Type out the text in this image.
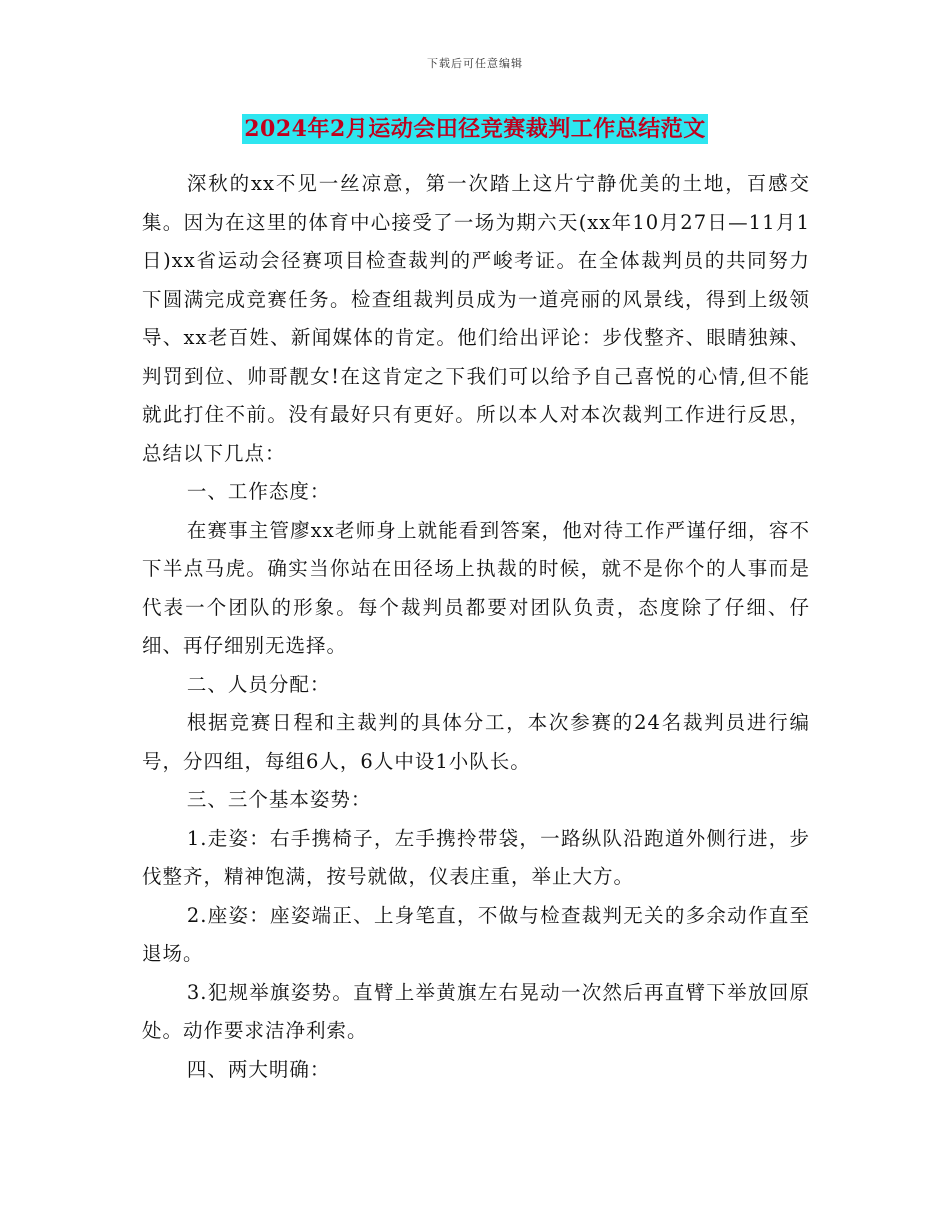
下载后可任意编辑
2024年2月运动会田径竞赛裁判工作总结范文

深秋的xx不见一丝凉意，第一次踏上这片宁静优美的土地，百感交集。因为在这里的体育中心接受了一场为期六天(xx年10月27日—11月1日)xx省运动会径赛项目检查裁判的严峻考证。在全体裁判员的共同努力下圆满完成竞赛任务。检查组裁判员成为一道亮丽的风景线，得到上级领导、xx老百姓、新闻媒体的肯定。他们给出评论：步伐整齐、眼睛独辣、判罚到位、帅哥靓女!在这肯定之下我们可以给予自己喜悦的心情,但不能就此打住不前。没有最好只有更好。所以本人对本次裁判工作进行反思，总结以下几点：

一、工作态度：

在赛事主管廖xx老师身上就能看到答案，他对待工作严谨仔细，容不下半点马虎。确实当你站在田径场上执裁的时候，就不是你个的人事而是代表一个团队的形象。每个裁判员都要对团队负责，态度除了仔细、仔细、再仔细别无选择。

二、人员分配：

根据竞赛日程和主裁判的具体分工，本次参赛的24名裁判员进行编号，分四组，每组6人，6人中设1小队长。

三、三个基本姿势：

1.走姿：右手携椅子，左手携拎带袋，一路纵队沿跑道外侧行进，步伐整齐，精神饱满，按号就做，仪表庄重，举止大方。

2.座姿：座姿端正、上身笔直，不做与检查裁判无关的多余动作直至退场。

3.犯规举旗姿势。直臂上举黄旗左右晃动一次然后再直臂下举放回原处。动作要求洁净利索。

四、两大明确：
